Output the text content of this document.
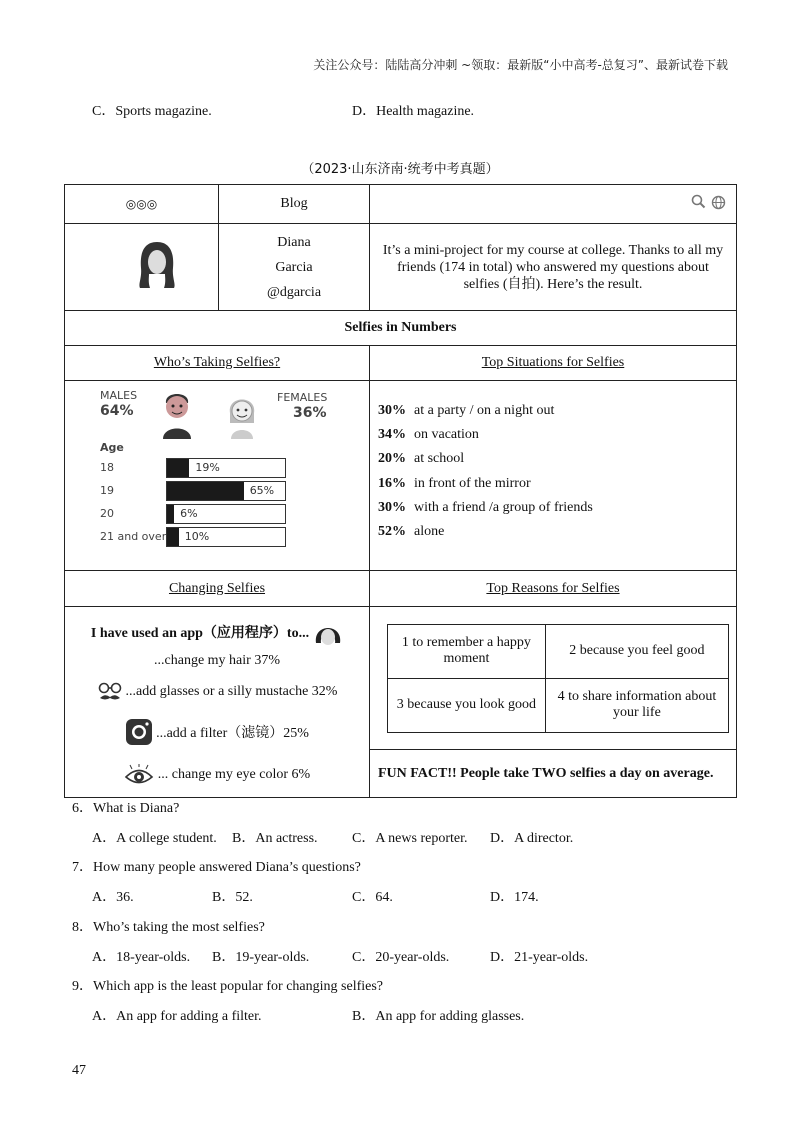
关注公众号：陆陆高分冲刺 ~领取：最新版“小中高考-总复习”、最新试卷下载
C．Sports magazine.	D．Health magazine.
（2023·山东济南·统考中考真题）
◎◎◎	Blog	

Diana
Garcia
@dgarcia
	It’s a mini-project for my course at college. Thanks to all my friends (174 in total) who answered my questions about selfies (自拍). Here’s the result.
Selfies in Numbers
Who’s Taking Selfies?	Top Situations for Selfies

MALES
64%
FEMALES
36%
Age
18	19%
19	65%
20	6%
21 and over 10%

30% at a party / on a night out
34% on vacation
20% at school
16% in front of the mirror
30% with a friend /a group of friends
52% alone

Changing Selfies	Top Reasons for Selfies

I have used an app（应用程序）to...
...change my hair 37%
...add glasses or a silly mustache 32%
...add a filter（滤镜）25%
... change my eye color 6%

1 to remember a happy moment	2 because you feel good
3 because you look good	4 to share information about your life

FUN FACT!! People take TWO selfies a day on average.
6．What is Diana?
A．A college student. B．An actress. C．A news reporter. D．A director.
7．How many people answered Diana’s questions?
A．36.	B．52.	C．64.	D．174.
8．Who’s taking the most selfies?
A．18-year-olds. B．19-year-olds.	C．20-year-olds.	D．21-year-olds.
9．Which app is the least popular for changing selfies?
A．An app for adding a filter.	B．An app for adding glasses.
47
